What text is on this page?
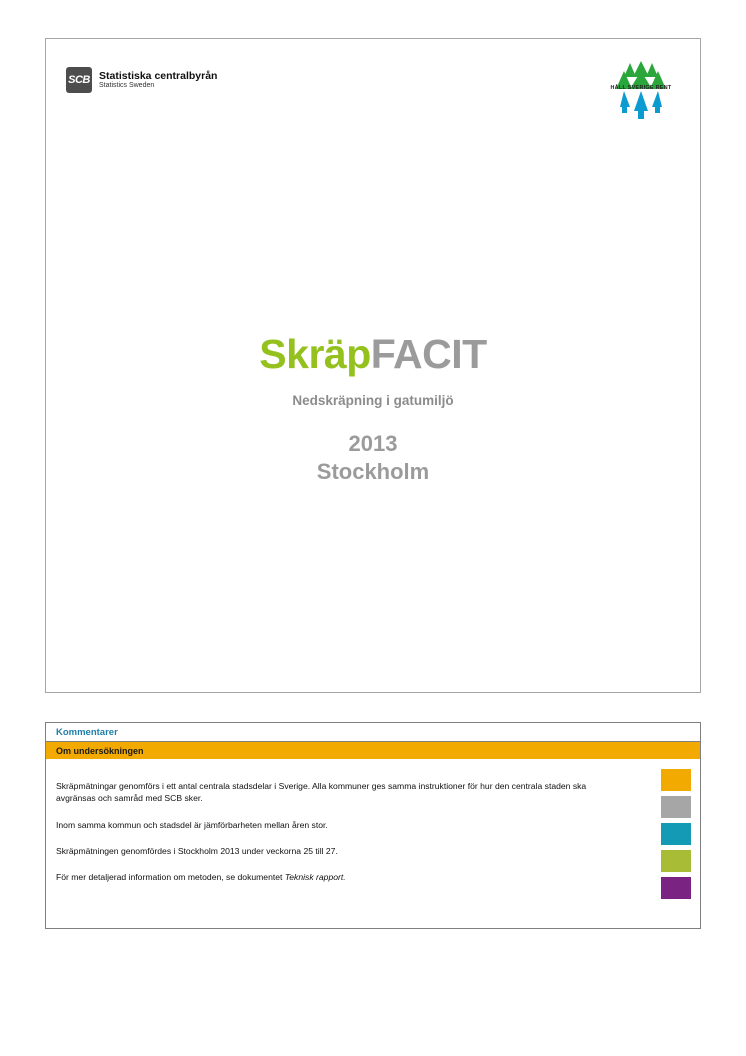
SCB Statistiska centralbyrån
Statistics Sweden	HÅLL SVERIGE RENT
SkräpFACIT
Nedskräpning i gatumiljö
2013
Stockholm
Kommentarer
Om undersökningen

Skräpmätningar genomförs i ett antal centrala stadsdelar i Sverige. Alla kommuner ges samma instruktioner för hur den centrala staden ska avgränsas och samråd med SCB sker.

Inom samma kommun och stadsdel är jämförbarheten mellan åren stor.

Skräpmätningen genomfördes i Stockholm 2013 under veckorna 25 till 27.

För mer detaljerad information om metoden, se dokumentet Teknisk rapport.
